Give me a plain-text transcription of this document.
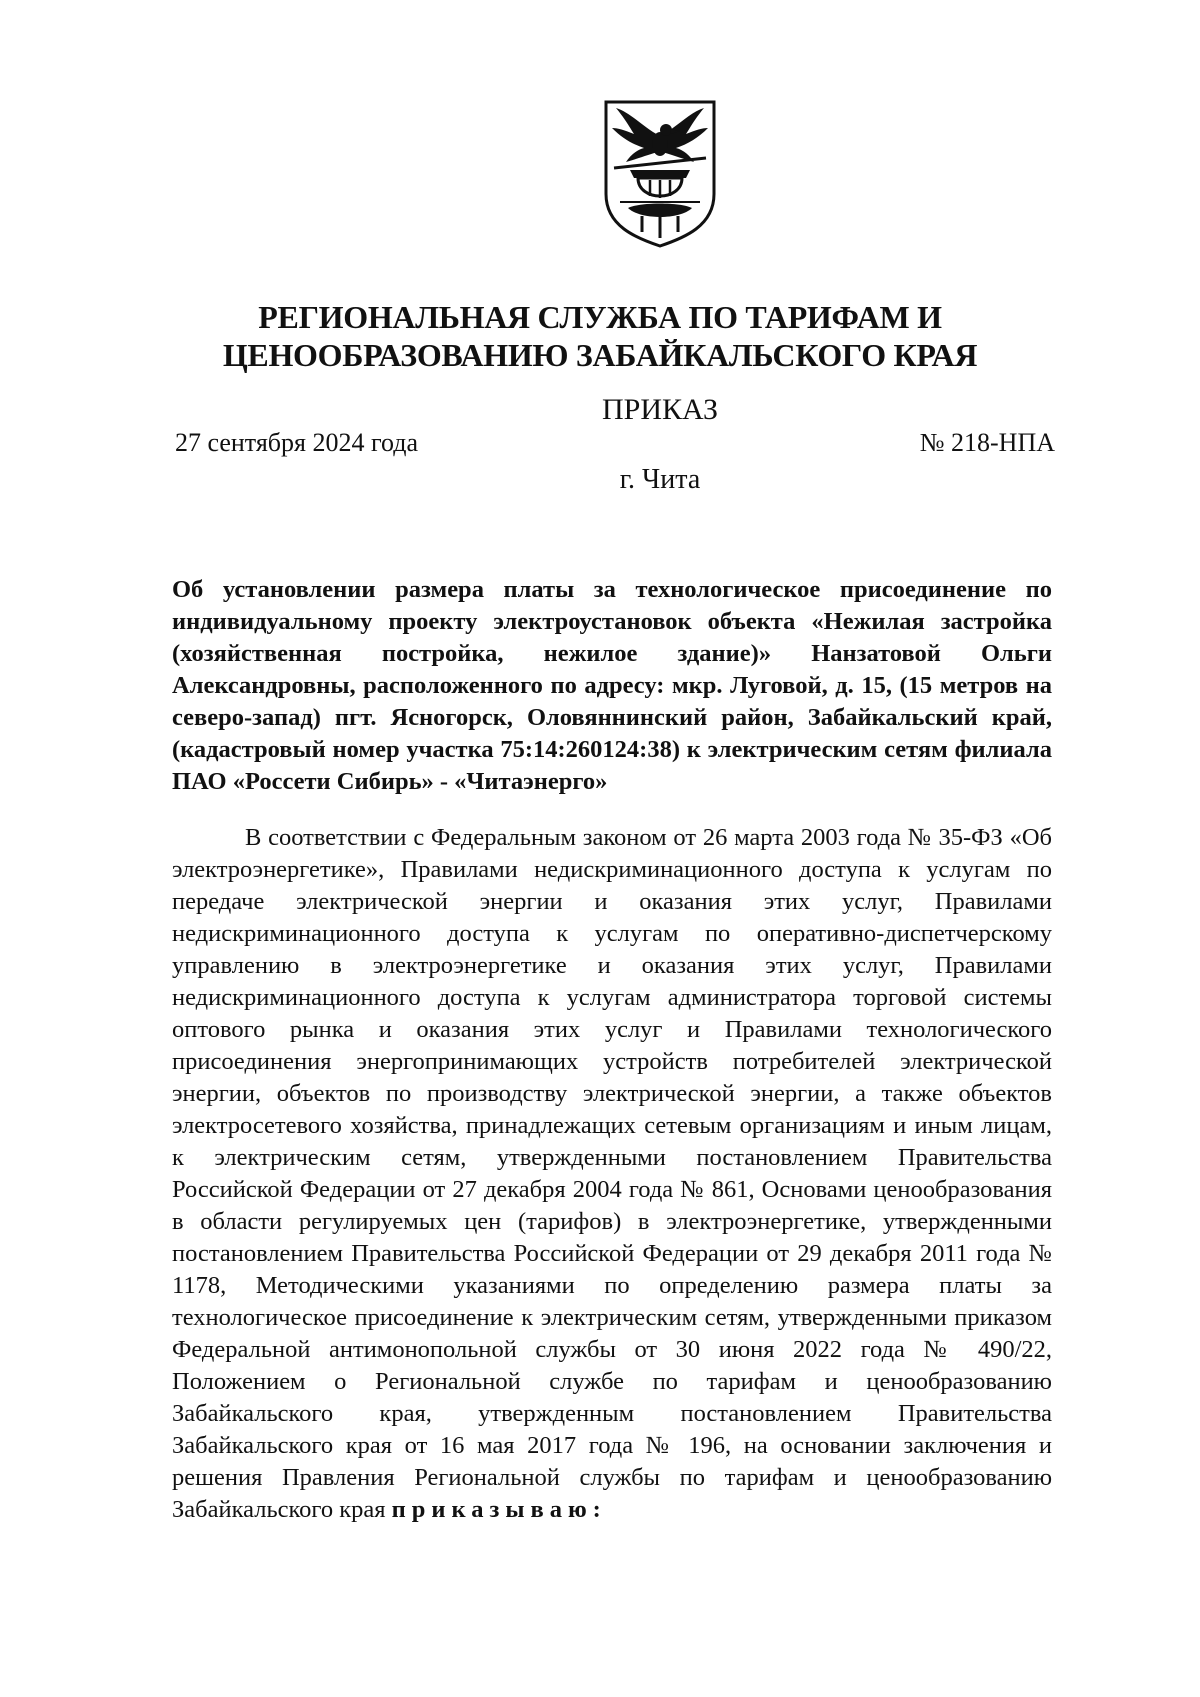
РЕГИОНАЛЬНАЯ СЛУЖБА ПО ТАРИФАМ И
ЦЕНООБРАЗОВАНИЮ ЗАБАЙКАЛЬСКОГО КРАЯ
ПРИКАЗ
27 сентября 2024 года	№ 218-НПА
г. Чита

Об установлении размера платы за технологическое присоединение по индивидуальному проекту электроустановок объекта «Нежилая застройка (хозяйственная постройка, нежилое здание)» Нанзатовой Ольги Александровны, расположенного по адресу: мкр. Луговой, д. 15, (15 метров на северо-запад) пгт. Ясногорск, Оловяннинский район, Забайкальский край, (кадастровый номер участка 75:14:260124:38) к электрическим сетям филиала ПАО «Россети Сибирь» - «Читаэнерго»

В соответствии с Федеральным законом от 26 марта 2003 года № 35-ФЗ «Об электроэнергетике», Правилами недискриминационного доступа к услугам по передаче электрической энергии и оказания этих услуг, Правилами недискриминационного доступа к услугам по оперативно-диспетчерскому управлению в электроэнергетике и оказания этих услуг, Правилами недискриминационного доступа к услугам администратора торговой системы оптового рынка и оказания этих услуг и Правилами технологического присоединения энергопринимающих устройств потребителей электрической энергии, объектов по производству электрической энергии, а также объектов электросетевого хозяйства, принадлежащих сетевым организациям и иным лицам, к электрическим сетям, утвержденными постановлением Правительства Российской Федерации от 27 декабря 2004 года № 861, Основами ценообразования в области регулируемых цен (тарифов) в электроэнергетике, утвержденными постановлением Правительства Российской Федерации от 29 декабря 2011 года № 1178, Методическими указаниями по определению размера платы за технологическое присоединение к электрическим сетям, утвержденными приказом Федеральной антимонопольной службы от 30 июня 2022 года № 490/22, Положением о Региональной службе по тарифам и ценообразованию Забайкальского края, утвержденным постановлением Правительства Забайкальского края от 16 мая 2017 года № 196, на основании заключения и решения Правления Региональной службы по тарифам и ценообразованию Забайкальского края приказываю:
